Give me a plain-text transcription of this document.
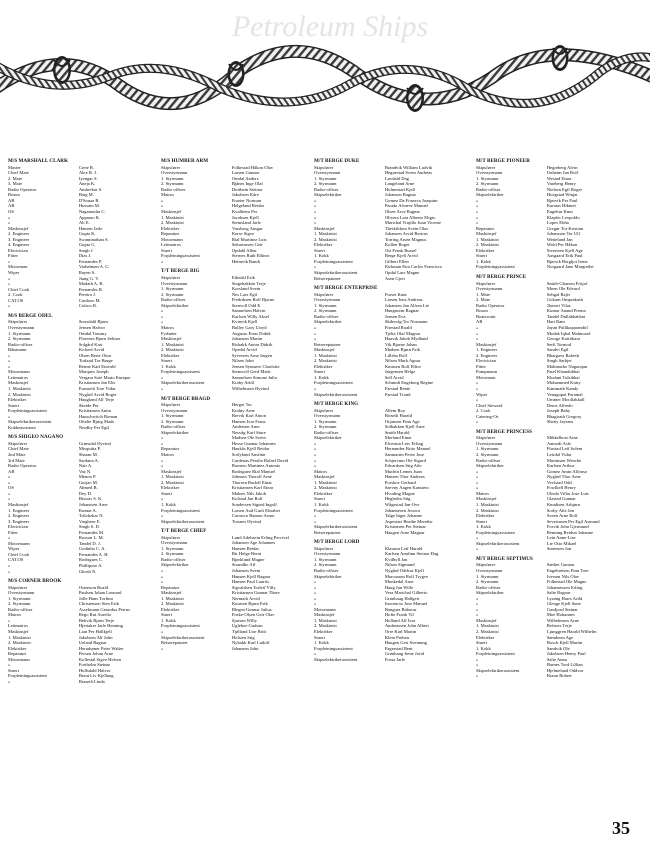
Petroleum Ships
M/S MARSHALL CLARK
Master	Crete R.
Chief Mate	Alex R. J.
2. Mate	Iyengar S.
3. Mate	Aneja K.
Radio Operator	Ambrekar S.
Bosun	Baig M.
AB	D'Souza B.
AB	Hussain M.
OS	Nagamuthu C.
»	Apparao K.
»	Ali E.
Maskinsjef	Hansen Jarle
2. Engineer	Gupta K.
3. Engineer	Swaminathan S.
4. Engineer	Gupta G.
Electrician	Singh J.
Fitter	Dias J.
»	Fernandes P.
Motorman	Varhalmen A. C.
Wiper	Rayen S.
»	Jiang G. V.
»	Madath A. R.
Chief Cook	Fernandes R.
2. Cook	Pereira J.
CAT.OS	Cardozo M.
»	Colaco R.
M/S BERGE ODEL
Skipsfører	Storsdahl Bjørn
Overstyrmann	Jensen Halvor
1. Styrmann	Omdal Tommy
2. Styrmann	Florenes Bjørn Selmer
Radio-offiser	Solgård Kari
Båtsmann	Kofoed Arvid
»	Olsen Berte Ottar
»	Torland Tor Børge
»	Reime Karl Einvald
Motormann	Marques Joseph
Lettmatros	Vergara Sote Mario Enrique
Maskinsjef	Kristiansen Jan Elis
1. Maskinist	Furuseth Tore Vidar
2. Maskinist	Nygård Arvid Roger
Elektriker	Haugland Alf Terje
Stuert	Skeide Per
Forpleiningsassistent	Kristiansen Anita
»	Hauschwitch Roman
Skipselektrikerassistent	Ottelie Bjørg Mads
Kokkeassistent	Nordby Per Egil
M/S SHIGEO NAGANO
Skipsfører	Grimsdal Øyvind
Chief Mate	Misquitta P.
2nd Mate	Sharan M.
3rd Mate	Sardana A.
Radio Operator	Nair A.
AB	Vaz N.
»	Menon P.
»	Gurjao M.
OS	Ahmed B.
»	Dey D.
»	Biswas S. K.
Maskinsjef	Johanssen Arne
1. Engineer	Kumar A.
2. Engineer	Trilokekar N.
3. Engineer	Varghese E.
Electrician	Singh S. D.
Fitter	Fernandes M.
»	Rosson L. M.
Motormann	Tandel D. J.
Wiper	Godinho C. A.
Chief Cook	Fernandes A. H.
CAT.OS	Rodrigues C.
»	Phillipose A.
»	Ghosh N.
M/S CORNER BROOK
Skipsfører	Ostenson Roald
Overstyrmann	Paulsen Johan Leonard
1. Styrmann	Jolle Hans Torfinn
2. Styrmann	Christensen Sten Erik
Radio-offiser	Asselmann Gerardus Petrus
Matros	Rego Rui Aurelio
»	Bekvik Bjørn Terje
Lettmatros	Hjertaker Jarle Henning
Maskinsjef	Lian Per Hallkjell
1. Maskinist	Jakobsen Alf John
2. Maskinist	Ueland Ragnar
Elektriker	Heradsener Peter Walter
Reparatør	Persen Johan Arne
Motormann	Kollestal Sigve Helsen
»	Fortholm Steinar
Stuert	Hollsdahl Halvor
Forpleiningsassistent	Braut Liv Kjellaug
»	Braseth Linda
M/S HUMBER ARM
Skipsfører	Folkestad Håkon Olav
Overstyrmann	Larsen Gunnar
1. Styrmann	Omdal Anders
2. Styrmann	Bjånes Inge Olaf
Radio-offiser	Dorthein Steinar
Matros	Jakobsen Kåre
»	Frazier Norman
»	Helgeland Reidar
Maskinsjef	Kvalheim Per
1. Maskinist	Jacobsen Kjell
2. Maskinist	Steinsland Jarle
Elektriker	Vassbrog Ansgar
Reparatør	Kerse Sigve
Motormann	Rial Martinez Luis
Lettmatros	Sekariassen Geir
Stuert	Opdahl Allen
Forpleiningsassistent	Sternes Ruth Ellinor
»	Heimvik Randi
T/T BERGE BIG
Skipsfører	Eikedal Erik
Overstyrmann	Stagebakken Terje
1. Styrmann	Korsland Svein
2. Styrmann	Nes Lars Egil
Radio-offiser	Fredriksen Rolf Bjarne
Skipselektriker	Stenvoll Odd E.
»	Samuelsen Halvin
»	Karlsen Willy Aksel
»	Kvinvik Kjell
Matros	Bulley Gary Lloyd
Fyrbøter	Augusto Eiras Dubik
Maskinsjef	Johansen Martin
1. Maskinist	Risbakk Anton Didrik
2. Maskinist	Opedal Arvid
Elektriker	Syversen Arne Jørgen
Stuert	Nilsen John
1. Kokk	Jensen Synnøve Charlotte
Forpleiningsassistent	Stensvoll Gerd Marit
»	Samuelsen Simone Julia
Skipselektrikerassistent	Kraby Arild
»	Wilhelmsen Øyvind
M/T BERGE BRAGD
Skipsfører	Hergot Tor
Overstyrmann	Kraløy Arne
1. Styrmann	Brevik Karl Anton
2. Styrmann	Hansen Ivar Frans
Radio-offiser	Andersen Arne
Skipselektriker	Nesvåg Karl Sture
»	Madsen Ole Svein
»	Hesse Gunnar Johannes
Reparatør	Haukås Kjell Reidar
Matros	Sorlyland Ansfinn
»	Cardenas Peralta Rafael David
»	Romero Martinez Antonio
Maskinsjef	Rodriguez Rial Manuel
1. Maskinist	Johnsen Thorolf Arne
2. Maskinist	Thorsen Rudolf Einar
Elektriker	Kristiansen Karl Einar
Stuert	Malnes Nils Jakob
»	Kolstad Jan Rolf
1. Kokk	Sondersen Sigurd Ingolf
Forpleiningsassistent	Larsen Aud Gurli Elisabet
»	Carrasco Ramon Arnar
Skipselektrikerassistent	Torsnes Øyvind
T/T BERGE CHIEF
Skipsfører	Lund Adelstein Erling Percival
Overstyrmann	Johansen Age Johannes
1. Styrmann	Hansen Reidar
2. Styrmann	Bir Helge Bernt
Radio-offiser	Bjørklund Magne
Skipselektriker	Strandbo Alf
»	Johansen Svein
»	Hansen Kjell Ragnar
»	Hansen Paul Laurits
Reparatør	Sigvaldsen Torleif Villy
Maskinsjef	Kristiansen Gunnar Thore
1. Maskinist	Nermark Arvid
2. Maskinist	Knutsen Bjørn Erik
Elektriker	Blegen Gunnar Julius
Stuert	Foske-Olsen Geir Olav
1. Kokk	Sjursen Willy
Forpleiningsassistent	Ugleboe Gudrun
»	Tjølland Lise Britt
Skipselektrikerassistent	Holsten Stig
Reiserepatører	Nybakk Karl Ludolf
»	Johansen John
M/T BERGE DUKE
Skipsfører	Brandvik William Ludvik
Overstyrmann	Hegnestad Svein Andreas
1. Styrmann	Løvdahl Dag
2. Styrmann	Langeland Arne
Radio-offiser	Holmestad Kjell
Skipselektriker	Johansen Ragnar
»	Gomez Da Fonseca Joaquim
»	Parada Alvarez Manuel
»	Olsen Arve Ragnar
»	Olivera Lara Alberto Eligio
»	Marichal Trujillo Juan Vicente
Maskinsjef	Therkildsen Svein Olav
1. Maskinist	Johansen Arvid Bertrus
2. Maskinist	Torring Arsen Magnus
Elektriker	Kollen Roger
Stuert	Ost Frank Russel
1. Kokk	Berge Kjell Arvid
Forpleiningsassistent	Gilbert Ellen
»	Kirkman Eira Carlos Francisco
Skipselektrikerassistent	Opdal Lars Magne
Reiserepatører	Asen Gjert
M/T BERGE ENTERPRISE
Skipsfører	Furset Knut
Overstyrmann	Larsen Jens Andreas
1. Styrmann	Johansen Jan Alfren Lie
2. Styrmann	Haugnorm Ragnar
Radio-offiser	Jensen Eva
Skipselektriker	Skibsvåg Tor Normann
»	Friestad Roald
»	Tjelta Olaf Magnar
»	Haavik Jakob Mydland
Reiserepatører	Vik Bjarne Johan
Maskinsjef	Madsen Bjørn Erik
1. Maskinist	Lilleba Rolf
2. Maskinist	Nilsen Mark Agnar
Elektriker	Knutsen Rolf Elliot
Stuert	Jørgensen Helge
1. Kokk	Sell Arvid
Forpleiningsassistent	Schmidt Engeborg Regine
»	Farstad Bente
Skipselektrikerassistent	Farstad Trond
M/T BERGE KING
Skipsfører	Allem Roy
Overstyrmann	Brisetli Harald
1. Styrmann	Orjansen Finn Age
2. Styrmann	Solbakken Kjell Arne
Radio-offiser	Smith Harald
Skipselektriker	Morland Einar
»	Elvestun Leiv Erling
»	Hernandez Brito Manuel
»	Sanmartin Perez Jose
»	Schjervum Ole Sigurd
»	Edvardsen Stig Atle
Matros	Machin Lemes Juan
Maskinsjef	Hansen Thor Andreas
1. Maskinist	Porsboe Gerhard
2. Maskinist	Saevøy Aagen Kanstein
Elektriker	Hvoding Magne
Stuert	Hegholm Stig
1. Kokk	Wågestad Jan-Ove
Forpleiningsassistent	Johannesen Jessica
»	Talge Inger Johanne
»	Aspestart Beathe Merethe
Skipselektrikerassistent	Kristensen Per Steinar
Reiserepatører	Haugen Arne Magnar
M/T BERGE LORD
Skipsfører	Klausen Leif Harald
Overstyrmann	Karlsen Annfinn Steinar Dag
1. Styrmann	Kvilhyll Jan
2. Styrmann	Nilsen Sigmund
Radio-offiser	Nygård Oddvar Kjell
Skipselektriker	Marcussen Rolf Trygve
»	Monkedal Arne
»	Haug Jan Wille
»	Vera Marichal Gilberto
»	Grønhaug Hallgeir
»	Inocencio Jose Manuel
Motormann	Bangura Babacar
Maskinsjef	Hofte Frank Vil
1. Maskinist	Holland Alf Ivar
2. Maskinist	Andreassen John Albert
Elektriker	Orre Karl Martin
Stuert	Klem Preben
1. Kokk	Haugen Geir Sveinung
Forpleiningsassistent	Fagerstad Bent
»	Grønhaug Irene Jorid
Skipselektrikerassistent	Fossa Jarle
M/T BERGE PIONEER
Skipsfører	Hegreberg Alvin
Overstyrmann	Unheim Jan Rolf
1. Styrmann	Westad Einar
2. Styrmann	Vareberg Henry
Radio-offiser	Nielsen Egil Roger
Skipselektriker	Hoegstad Winjar
»	Bjørvik Per Paul
»	Karatas Hikmet
»	Engebrn Knut
»	Klapfer Leopoldo
»	Lopes Eldio
Reparatør	Gregør Tor Kristian
Maskinsjef	Johanssen Tor Ulf
1. Maskinist	Wetteland Jan
2. Maskinist	Wold Per Håkon
Elektriker	Sivertsen Kjell Age
Stuert	Aasgaard Erik Paul
1. Kokk	Bjørvik Bergljot Irene
Forpleiningsassistent	Norgaard Jane Margrethe
M/T BERGE PRINCE
Skipsfører	Smith-Gharsen Fritjof
Overstyrmann	Moen Ole Edvard
1. Mate	Sehgal Rajiv
2. Mate	Gokarn Omprakash
Radio Operator	Jhaveri Vilas
Bosun	Kumar Anand Prema
Boatswain	Tandel Dullabhabhai
AB	Hari Ram
»	Jayan Pullikaparambil
»	Modak Iqbal Mahmood
»	George Kottithara
Maskinsjef	Serli Tormod
1. Engineer	Sandvi Egil
2. Engineer	Bhargava Rakesh
Electrician	Singh Sarbjet
Fitter	Malimutho Nagarajan
Pumpmann	Patel Khandubhai
Motorman	Khalani Tulsibhai
»	Mohammed Kutty
»	Kammath Kandy
Wiper	Venugopal Paramal
»	Ummer Moollakkall
Chief Steward	Denis Alfredo
2. Cook	Joseph Baby
Catering-Os	Bhagirath Gregory
»	Shetty Jayram
M/T BERGE PRINCESS
Skipsfører	Mikkelbost Arne
Overstyrmann	Aamodt Asle
1. Styrmann	Fürstad Leif Solem
2. Styrmann	Leirdal Vidar
Radio-offiser	Martinsen Wenche
Skipselektriker	Karlsen Arthur
»	Gomez Amin Alfonso
»	Nygård Thor Arne
»	Vevlstad Odd
»	Fowlkell Henry
Matros	Ubeda Villar Jose Luis
Maskinsjef	Glastad Gunnar
1. Maskinist	Knudtsen Asbjørn
2. Maskinist	Sorby Atle Jan
Elektriker	Sveen Arne Rolf
Stuert	Severinsen Per Egil Asmund
1. Kokk	Forvik John Gjermund
Forpleiningsassistent	Renning Reidun Johanne
»	Lein Anne-Lise
Skipselektrikerassistent	Lie Otto Mikael
»	Sørensen Jon
M/T BERGE SEPTIMUS
Skipsfører	Sæther Gunnar
Overstyrmann	Engebretsen Finn Tore
1. Styrmann	Iversen Nils Olav
2. Styrmann	Folkestad Ole Magne
Radio-offiser	Johannessen Erling
Skipselektriker	Salte Ragnar
»	Lysøng Harrs Arild
»	Glenge Kjell Sune
»	Gasdjord Steinar
»	Moe Hohannes
Maskinsjef	Wilhelmsen Arne
1. Maskinist	Refsnes Terje
2. Maskinist	Ljunggren Harald Wilhelm
Elektriker	Sæmbeen Age
Stuert	Bosch Kjell Martin
1. Kokk	Sandvik Ole
Forpleiningsassistent	Jakobsen Henry Paul
»	Salte Anna
»	Barnes Tord Lillian
Skipselektrikerassistent	Hjelmeland Oddvar
»	Braun Robert
35
